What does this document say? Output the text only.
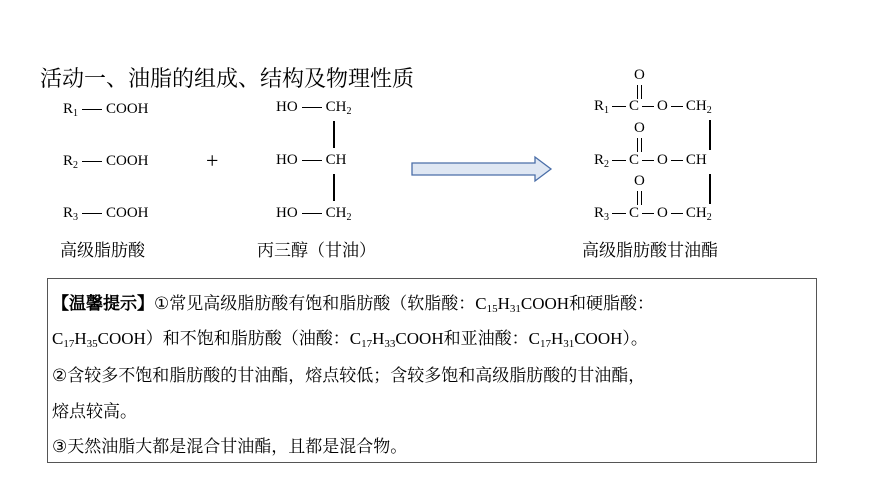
活动一、油脂的组成、结构及物理性质
$R_1$ COOH
$R_2$ COOH
$R_3$ COOH
高级脂肪酸
+
HO $CH_2$
HO CH
HO $CH_2$
丙三醇（甘油）
O
O
O
$R_1$ C O $CH_2$
$R_2$ C O CH
$R_3$ C O $CH_2$
高级脂肪酸甘油酯
【温馨提示】①常见高级脂肪酸有饱和脂肪酸（软脂酸：$C_{15}H_{31}COOH$和硬脂酸：
$C_{17}H_{35}COOH$）和不饱和脂肪酸（油酸：$C_{17}H_{33}COOH$和亚油酸：$C_{17}H_{31}COOH$）。
②含较多不饱和脂肪酸的甘油酯，熔点较低；含较多饱和高级脂肪酸的甘油酯，
熔点较高。
③天然油脂大都是混合甘油酯，且都是混合物。
